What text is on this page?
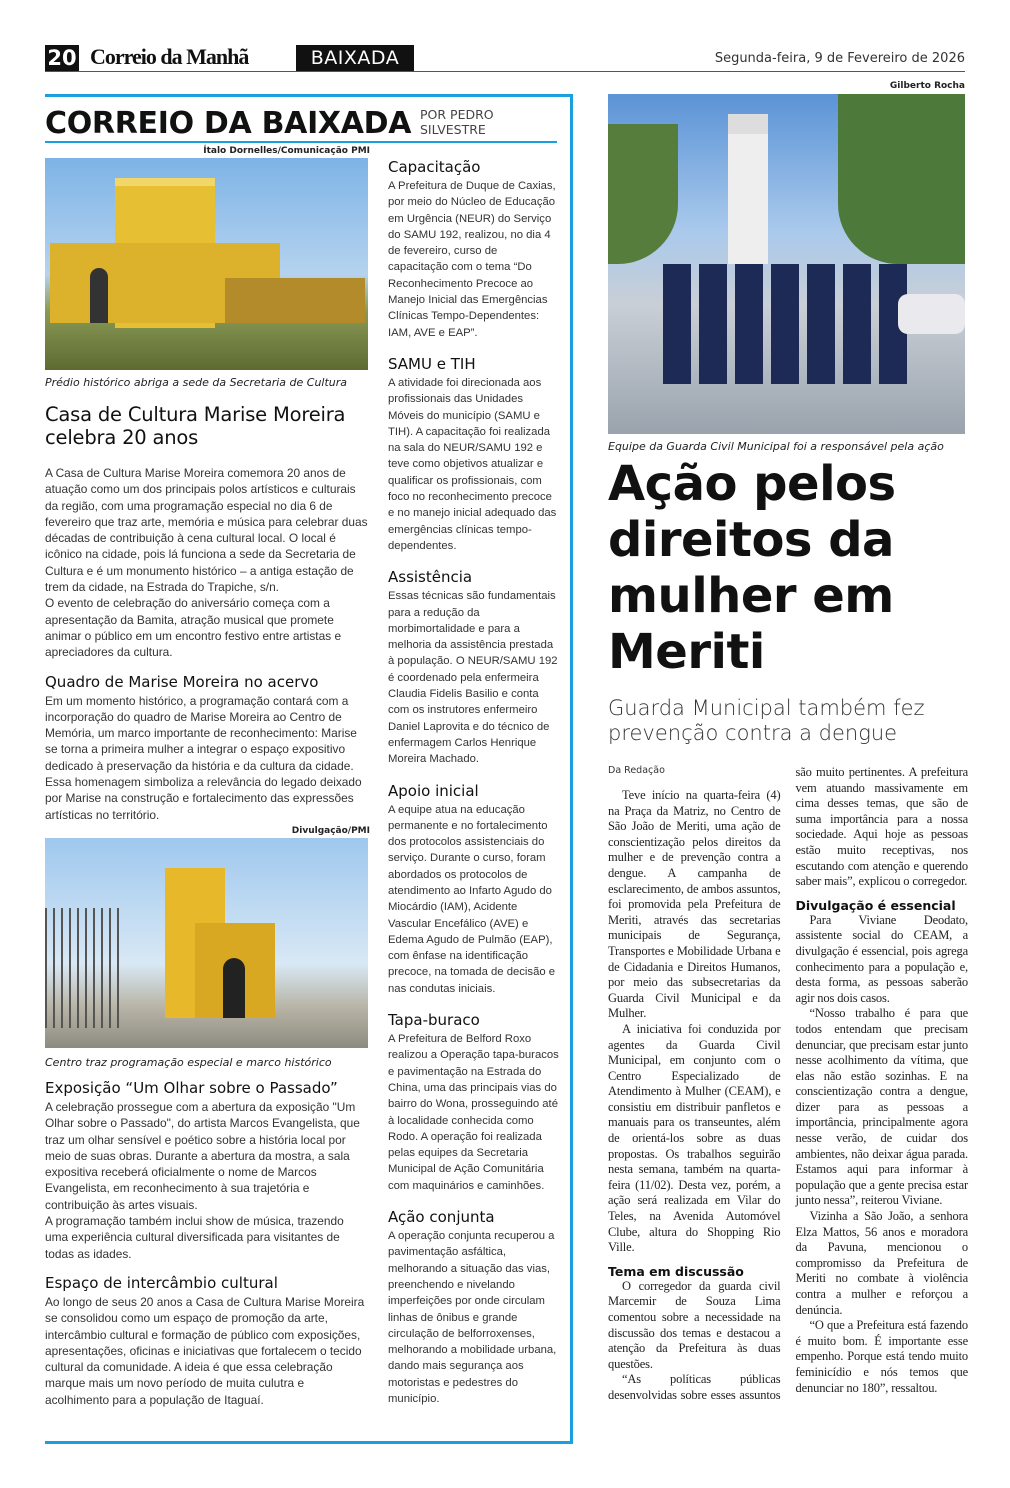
20 Correio da Manhã	BAIXADA	Segunda-feira, 9 de Fevereiro de 2026
CORREIO DA BAIXADA POR PEDRO SILVESTRE
Ítalo Dornelles/Comunicação PMI
Prédio histórico abriga a sede da Secretaria de Cultura
Casa de Cultura Marise Moreira celebra 20 anos

A Casa de Cultura Marise Moreira comemora 20 anos de atuação como um dos principais polos artísticos e culturais da região, com uma programação especial no dia 6 de fevereiro que traz arte, memória e música para celebrar duas décadas de contribuição à cena cultural local. O local é icônico na cidade, pois lá funciona a sede da Secretaria de Cultura e é um monumento histórico – a antiga estação de trem da cidade, na Estrada do Trapiche, s/n.

O evento de celebração do aniversário começa com a apresentação da Bamita, atração musical que promete animar o público em um encontro festivo entre artistas e apreciadores da cultura.

Quadro de Marise Moreira no acervo

Em um momento histórico, a programação contará com a incorporação do quadro de Marise Moreira ao Centro de Memória, um marco importante de reconhecimento: Marise se torna a primeira mulher a integrar o espaço expositivo dedicado à preservação da história e da cultura da cidade. Essa homenagem simboliza a relevância do legado deixado por Marise na construção e fortalecimento das expressões artísticas no território.

Divulgação/PMI
Centro traz programação especial e marco histórico
Exposição “Um Olhar sobre o Passado”

A celebração prossegue com a abertura da exposição "Um Olhar sobre o Passado", do artista Marcos Evangelista, que traz um olhar sensível e poético sobre a história local por meio de suas obras. Durante a abertura da mostra, a sala expositiva receberá oficialmente o nome de Marcos Evangelista, em reconhecimento à sua trajetória e contribuição às artes visuais.

A programação também inclui show de música, trazendo uma experiência cultural diversificada para visitantes de todas as idades.

Espaço de intercâmbio cultural

Ao longo de seus 20 anos a Casa de Cultura Marise Moreira se consolidou como um espaço de promoção da arte, intercâmbio cultural e formação de público com exposições, apresentações, oficinas e iniciativas que fortalecem o tecido cultural da comunidade. A ideia é que essa celebração marque mais um novo período de muita culutra e acolhimento para a população de Itaguaí.

Capacitação

A Prefeitura de Duque de Caxias, por meio do Núcleo de Educação em Urgência (NEUR) do Serviço do SAMU 192, realizou, no dia 4 de fevereiro, curso de capacitação com o tema “Do Reconhecimento Precoce ao Manejo Inicial das Emergências Clínicas Tempo-Dependentes: IAM, AVE e EAP”.

SAMU e TIH

A atividade foi direcionada aos profissionais das Unidades Móveis do município (SAMU e TIH). A capacitação foi realizada na sala do NEUR/SAMU 192 e teve como objetivos atualizar e qualificar os profissionais, com foco no reconhecimento precoce e no manejo inicial adequado das emergências clínicas tempo-dependentes.

Assistência

Essas técnicas são fundamentais para a redução da morbimortalidade e para a melhoria da assistência prestada à população. O NEUR/SAMU 192 é coordenado pela enfermeira Claudia Fidelis Basilio e conta com os instrutores enfermeiro Daniel Laprovita e do técnico de enfermagem Carlos Henrique Moreira Machado.

Apoio inicial

A equipe atua na educação permanente e no fortalecimento dos protocolos assistenciais do serviço. Durante o curso, foram abordados os protocolos de atendimento ao Infarto Agudo do Miocárdio (IAM), Acidente Vascular Encefálico (AVE) e Edema Agudo de Pulmão (EAP), com ênfase na identificação precoce, na tomada de decisão e nas condutas iniciais.

Tapa-buraco

A Prefeitura de Belford Roxo realizou a Operação tapa-buracos e pavimentação na Estrada do China, uma das principais vias do bairro do Wona, prosseguindo até à localidade conhecida como Rodo. A operação foi realizada pelas equipes da Secretaria Municipal de Ação Comunitária com maquinários e caminhões.

Ação conjunta

A operação conjunta recuperou a pavimentação asfáltica, melhorando a situação das vias, preenchendo e nivelando imperfeições por onde circulam linhas de ônibus e grande circulação de belforroxenses, melhorando a mobilidade urbana, dando mais segurança aos motoristas e pedestres do município.

Gilberto Rocha
Equipe da Guarda Civil Municipal foi a responsável pela ação
Ação pelos direitos da mulher em Meriti
Guarda Municipal também fez prevenção contra a dengue
Da Redação

Teve início na quarta-feira (4) na Praça da Matriz, no Centro de São João de Meriti, uma ação de conscientização pelos direitos da mulher e de prevenção contra a dengue. A campanha de esclarecimento, de ambos assuntos, foi promovida pela Prefeitura de Meriti, através das secretarias municipais de Segurança, Transportes e Mobilidade Urbana e de Cidadania e Direitos Humanos, por meio das subsecretarias da Guarda Civil Municipal e da Mulher.

A iniciativa foi conduzida por agentes da Guarda Civil Municipal, em conjunto com o Centro Especializado de Atendimento à Mulher (CEAM), e consistiu em distribuir panfletos e manuais para os transeuntes, além de orientá-los sobre as duas propostas. Os trabalhos seguirão nesta semana, também na quarta-feira (11/02). Desta vez, porém, a ação será realizada em Vilar do Teles, na Avenida Automóvel Clube, altura do Shopping Rio Ville.

Tema em discussão

O corregedor da guarda civil Marcemir de Souza Lima comentou sobre a necessidade na discussão dos temas e destacou a atenção da Prefeitura às duas questões.

“As políticas públicas desenvolvidas sobre esses assuntos são muito pertinentes. A prefeitura vem atuando massivamente em cima desses temas, que são de suma importância para a nossa sociedade. Aqui hoje as pessoas estão muito receptivas, nos escutando com atenção e querendo saber mais”, explicou o corregedor.

Divulgação é essencial

Para Viviane Deodato, assistente social do CEAM, a divulgação é essencial, pois agrega conhecimento para a população e, desta forma, as pessoas saberão agir nos dois casos.

“Nosso trabalho é para que todos entendam que precisam denunciar, que precisam estar junto nesse acolhimento da vítima, que elas não estão sozinhas. E na conscientização contra a dengue, dizer para as pessoas a importância, principalmente agora nesse verão, de cuidar dos ambientes, não deixar água parada. Estamos aqui para informar à população que a gente precisa estar junto nessa”, reiterou Viviane.

Vizinha a São João, a senhora Elza Mattos, 56 anos e moradora da Pavuna, mencionou o compromisso da Prefeitura de Meriti no combate à violência contra a mulher e reforçou a denúncia.

“O que a Prefeitura está fazendo é muito bom. É importante esse empenho. Porque está tendo muito feminicídio e nós temos que denunciar no 180”, ressaltou.
